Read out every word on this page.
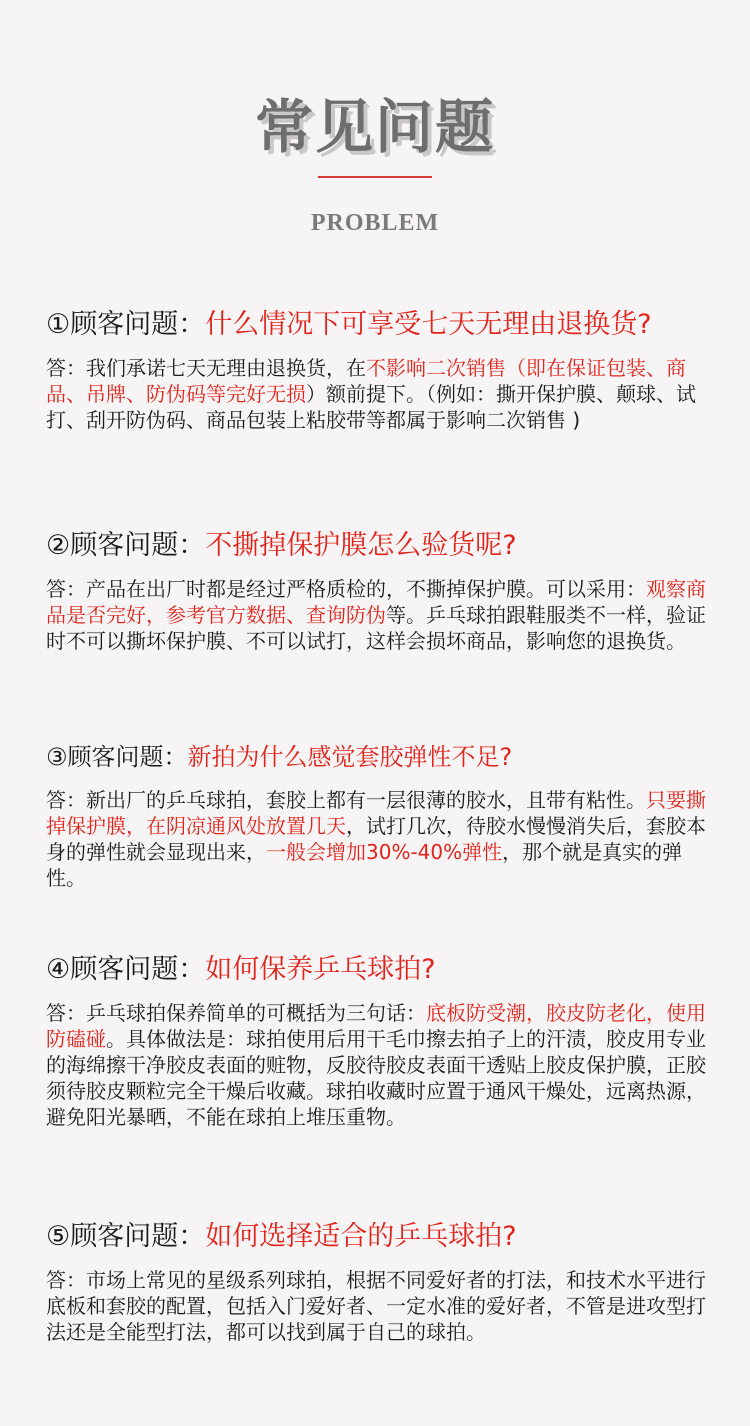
常见问题
PROBLEM
①顾客问题：什么情况下可享受七天无理由退换货?
答：我们承诺七天无理由退换货，在不影响二次销售（即在保证包装、商品、吊牌、防伪码等完好无损）额前提下。（例如：撕开保护膜、颠球、试打、刮开防伪码、商品包装上粘胶带等都属于影响二次销售 )
②顾客问题：不撕掉保护膜怎么验货呢?
答：产品在出厂时都是经过严格质检的，不撕掉保护膜。可以采用：观察商品是否完好，参考官方数据、查询防伪等。乒乓球拍跟鞋服类不一样，验证时不可以撕坏保护膜、不可以试打，这样会损坏商品，影响您的退换货。
③顾客问题：新拍为什么感觉套胶弹性不足?
答：新出厂的乒乓球拍，套胶上都有一层很薄的胶水，且带有粘性。只要撕掉保护膜，在阴凉通风处放置几天，试打几次，待胶水慢慢消失后，套胶本身的弹性就会显现出来，一般会增加30%-40%弹性，那个就是真实的弹性。
④顾客问题：如何保养乒乓球拍?
答：乒乓球拍保养简单的可概括为三句话：底板防受潮，胶皮防老化，使用防磕碰。具体做法是：球拍使用后用干毛巾擦去拍子上的汗渍，胶皮用专业的海绵擦干净胶皮表面的赃物，反胶待胶皮表面干透贴上胶皮保护膜，正胶须待胶皮颗粒完全干燥后收藏。球拍收藏时应置于通风干燥处，远离热源，避免阳光暴晒，不能在球拍上堆压重物。
⑤顾客问题：如何选择适合的乒乓球拍?
答：市场上常见的星级系列球拍，根据不同爱好者的打法，和技术水平进行底板和套胶的配置，包括入门爱好者、一定水准的爱好者，不管是进攻型打法还是全能型打法，都可以找到属于自己的球拍。
